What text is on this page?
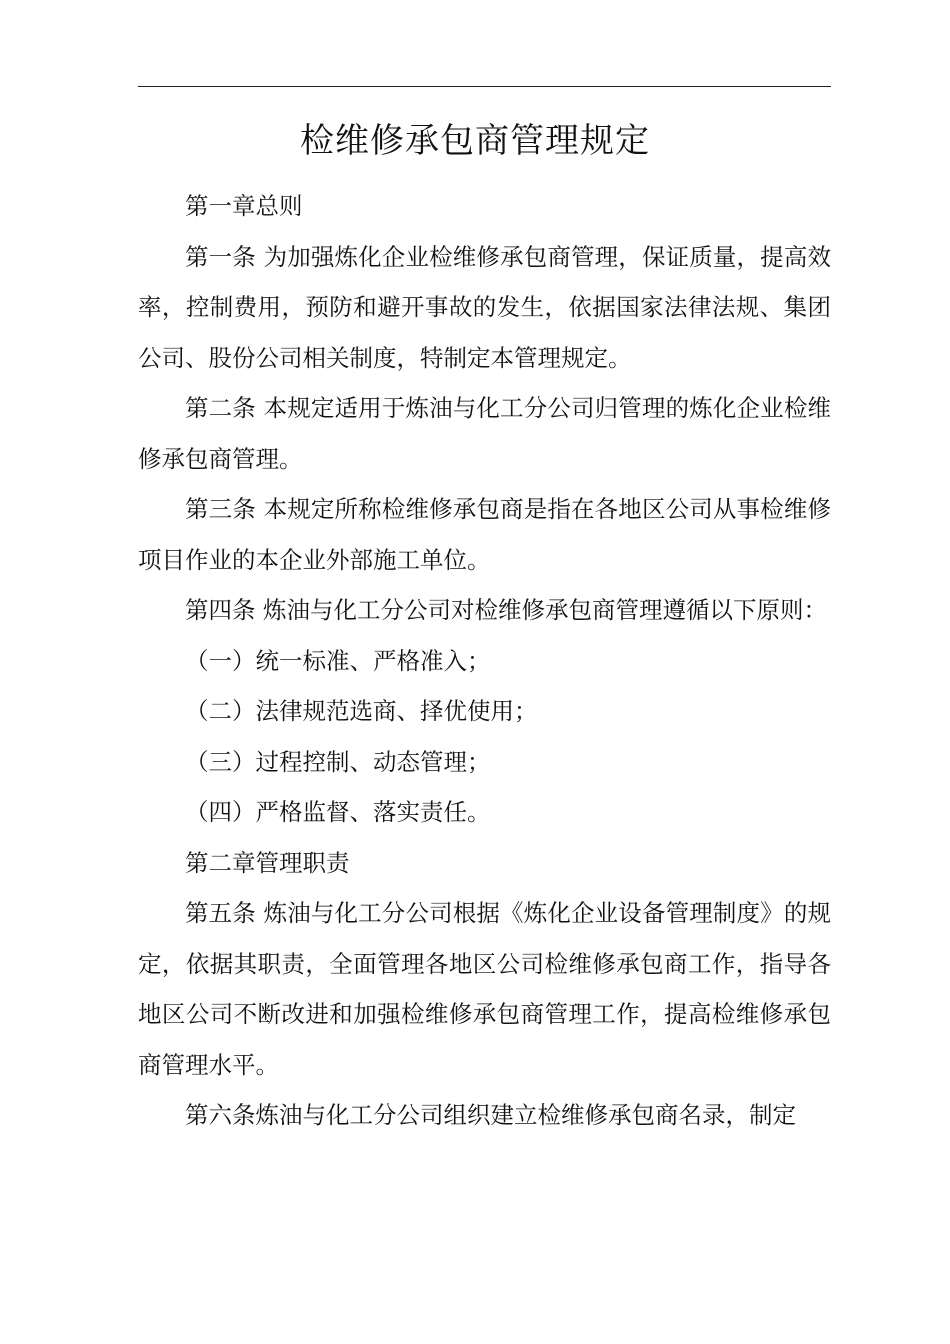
检维修承包商管理规定

第一章总则

第一条 为加强炼化企业检维修承包商管理，保证质量，提高效率，控制费用，预防和避开事故的发生，依据国家法律法规、集团公司、股份公司相关制度，特制定本管理规定。

第二条 本规定适用于炼油与化工分公司归管理的炼化企业检维修承包商管理。

第三条 本规定所称检维修承包商是指在各地区公司从事检维修项目作业的本企业外部施工单位。

第四条 炼油与化工分公司对检维修承包商管理遵循以下原则：

（一）统一标准、严格准入；

（二）法律规范选商、择优使用；

（三）过程控制、动态管理；

（四）严格监督、落实责任。

第二章管理职责

第五条 炼油与化工分公司根据《炼化企业设备管理制度》的规定，依据其职责，全面管理各地区公司检维修承包商工作，指导各地区公司不断改进和加强检维修承包商管理工作，提高检维修承包商管理水平。

第六条炼油与化工分公司组织建立检维修承包商名录，制定
